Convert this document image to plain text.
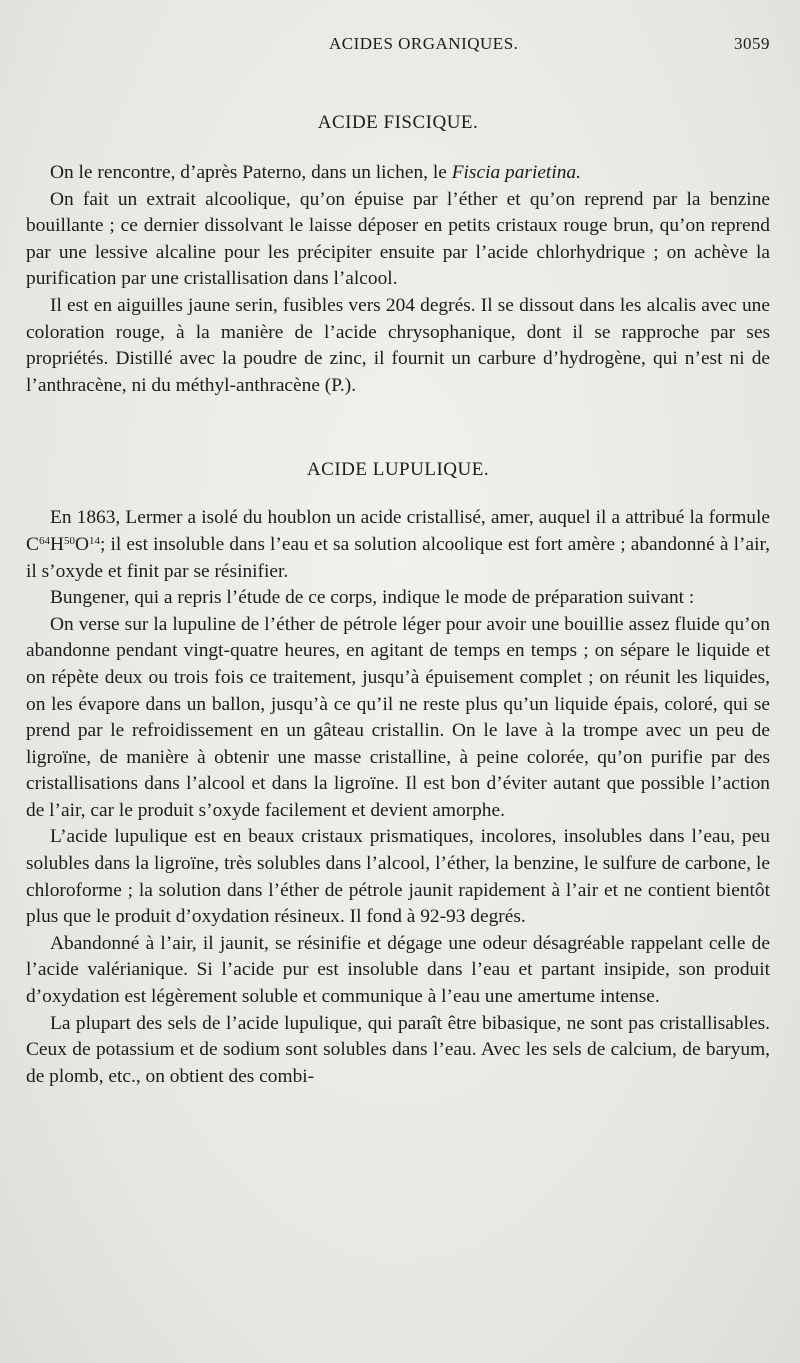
ACIDES ORGANIQUES.	3059
ACIDE FISCIQUE.

On le rencontre, d’après Paterno, dans un lichen, le Fiscia parietina.

On fait un extrait alcoolique, qu’on épuise par l’éther et qu’on reprend par la benzine bouillante ; ce dernier dissolvant le laisse déposer en petits cristaux rouge brun, qu’on reprend par une lessive alcaline pour les précipiter ensuite par l’acide chlorhydrique ; on achève la purification par une cristallisation dans l’alcool.

Il est en aiguilles jaune serin, fusibles vers 204 degrés. Il se dissout dans les alcalis avec une coloration rouge, à la manière de l’acide chrysophanique, dont il se rapproche par ses propriétés. Distillé avec la poudre de zinc, il fournit un carbure d’hydrogène, qui n’est ni de l’anthracène, ni du méthyl-anthracène (P.).

ACIDE LUPULIQUE.

En 1863, Lermer a isolé du houblon un acide cristallisé, amer, auquel il a attribué la formule $C^{64}H^{50}O^{14}$; il est insoluble dans l’eau et sa solution alcoolique est fort amère ; abandonné à l’air, il s’oxyde et finit par se résinifier.

Bungener, qui a repris l’étude de ce corps, indique le mode de préparation suivant :

On verse sur la lupuline de l’éther de pétrole léger pour avoir une bouillie assez fluide qu’on abandonne pendant vingt-quatre heures, en agitant de temps en temps ; on sépare le liquide et on répète deux ou trois fois ce traitement, jusqu’à épuisement complet ; on réunit les liquides, on les évapore dans un ballon, jusqu’à ce qu’il ne reste plus qu’un liquide épais, coloré, qui se prend par le refroidissement en un gâteau cristallin. On le lave à la trompe avec un peu de ligroïne, de manière à obtenir une masse cristalline, à peine colorée, qu’on purifie par des cristallisations dans l’alcool et dans la ligroïne. Il est bon d’éviter autant que possible l’action de l’air, car le produit s’oxyde facilement et devient amorphe.

L’acide lupulique est en beaux cristaux prismatiques, incolores, insolubles dans l’eau, peu solubles dans la ligroïne, très solubles dans l’alcool, l’éther, la benzine, le sulfure de carbone, le chloroforme ; la solution dans l’éther de pétrole jaunit rapidement à l’air et ne contient bientôt plus que le produit d’oxydation résineux. Il fond à 92-93 degrés.

Abandonné à l’air, il jaunit, se résinifie et dégage une odeur désagréable rappelant celle de l’acide valérianique. Si l’acide pur est insoluble dans l’eau et partant insipide, son produit d’oxydation est légèrement soluble et communique à l’eau une amertume intense.

La plupart des sels de l’acide lupulique, qui paraît être bibasique, ne sont pas cristallisables. Ceux de potassium et de sodium sont solubles dans l’eau. Avec les sels de calcium, de baryum, de plomb, etc., on obtient des combi-
